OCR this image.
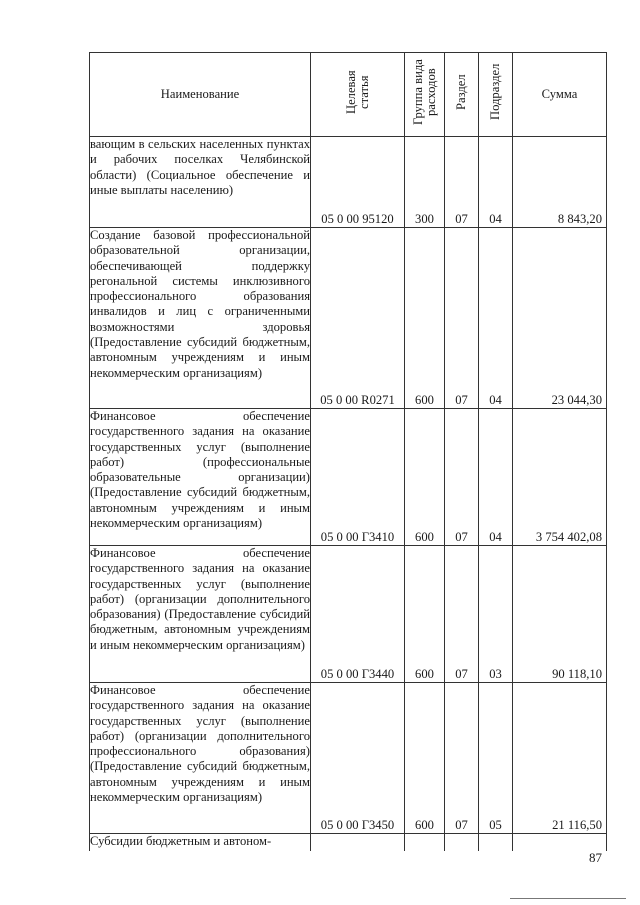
Наименование	Целевая статья	Группа вида расходов	Раздел	Подраздел	Сумма
вающим в сельских населенных пунктах и рабочих поселках Челябинской области) (Социальное обеспечение и иные выплаты населению)	05 0 00 95120	300	07	04	8 843,20
Создание базовой профессиональной образовательной организации, обеспечивающей поддержку регональной системы инклюзивного профессионального образования инвалидов и лиц с ограниченными возможностями здоровья (Предоставление субсидий бюджетным, автономным учреждениям и иным некоммерческим организациям)	05 0 00 R0271	600	07	04	23 044,30
Финансовое обеспечение государственного задания на оказание государственных услуг (выполнение работ) (профессиональные образовательные организации) (Предоставление субсидий бюджетным, автономным учреждениям и иным некоммерческим организациям)	05 0 00 Г3410	600	07	04	3 754 402,08
Финансовое обеспечение государственного задания на оказание государственных услуг (выполнение работ) (организации дополнительного образования) (Предоставление субсидий бюджетным, автономным учреждениям и иным некоммерческим организациям)	05 0 00 Г3440	600	07	03	90 118,10
Финансовое обеспечение государственного задания на оказание государственных услуг (выполнение работ) (организации дополнительного профессионального образования) (Предоставление субсидий бюджетным, автономным учреждениям и иным некоммерческим организациям)	05 0 00 Г3450	600	07	05	21 116,50
Субсидии бюджетным и автоном-					
87
